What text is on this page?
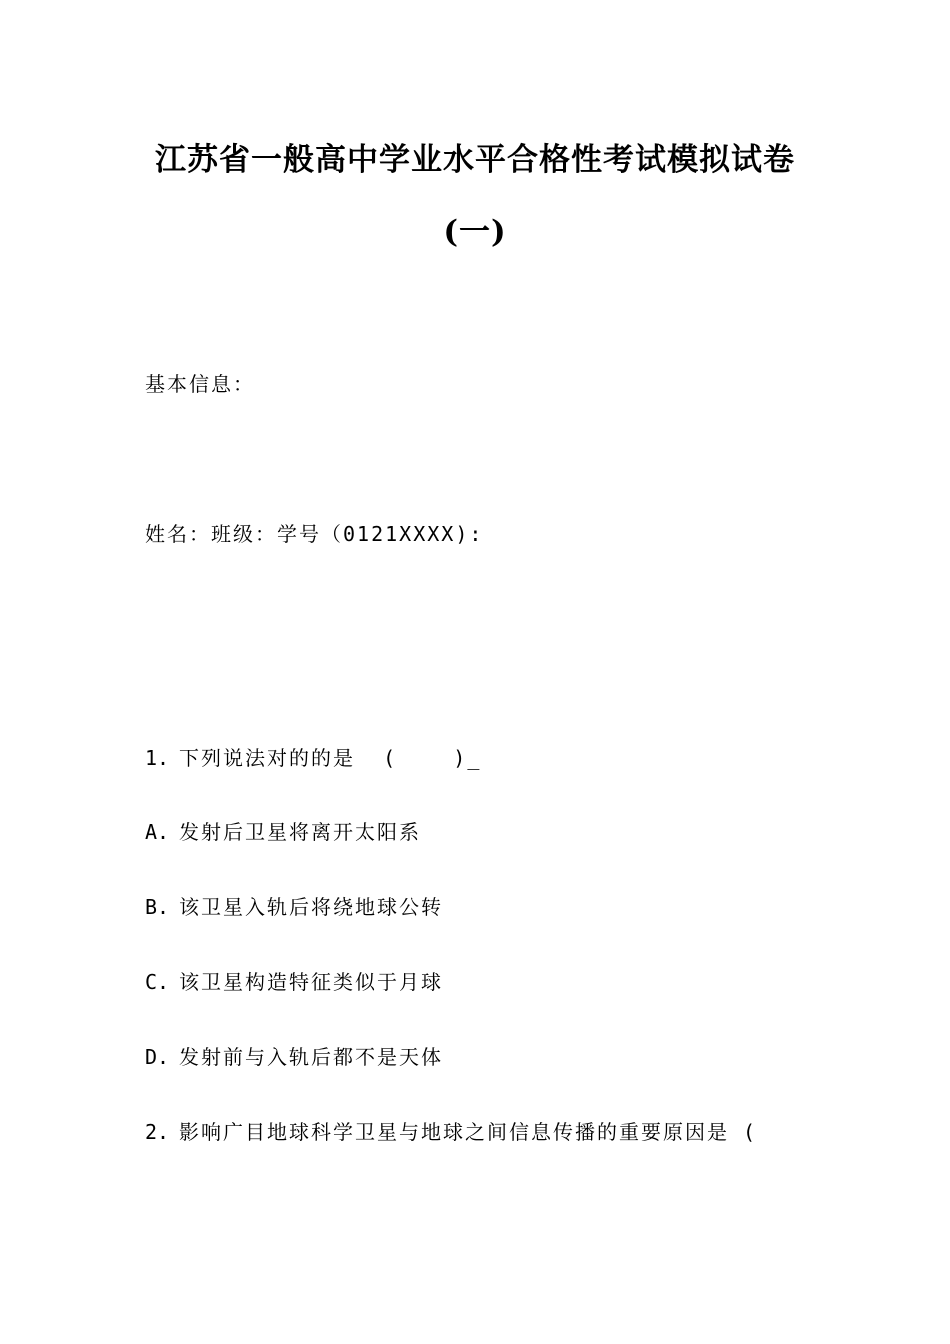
江苏省一般高中学业水平合格性考试模拟试卷
(一)
基本信息：
姓名：班级：学号（0121XXXX):
1. 下列说法对的的是  (    )_
A. 发射后卫星将离开太阳系
B. 该卫星入轨后将绕地球公转
C. 该卫星构造特征类似于月球
D. 发射前与入轨后都不是天体
2. 影响广目地球科学卫星与地球之间信息传播的重要原因是 (
